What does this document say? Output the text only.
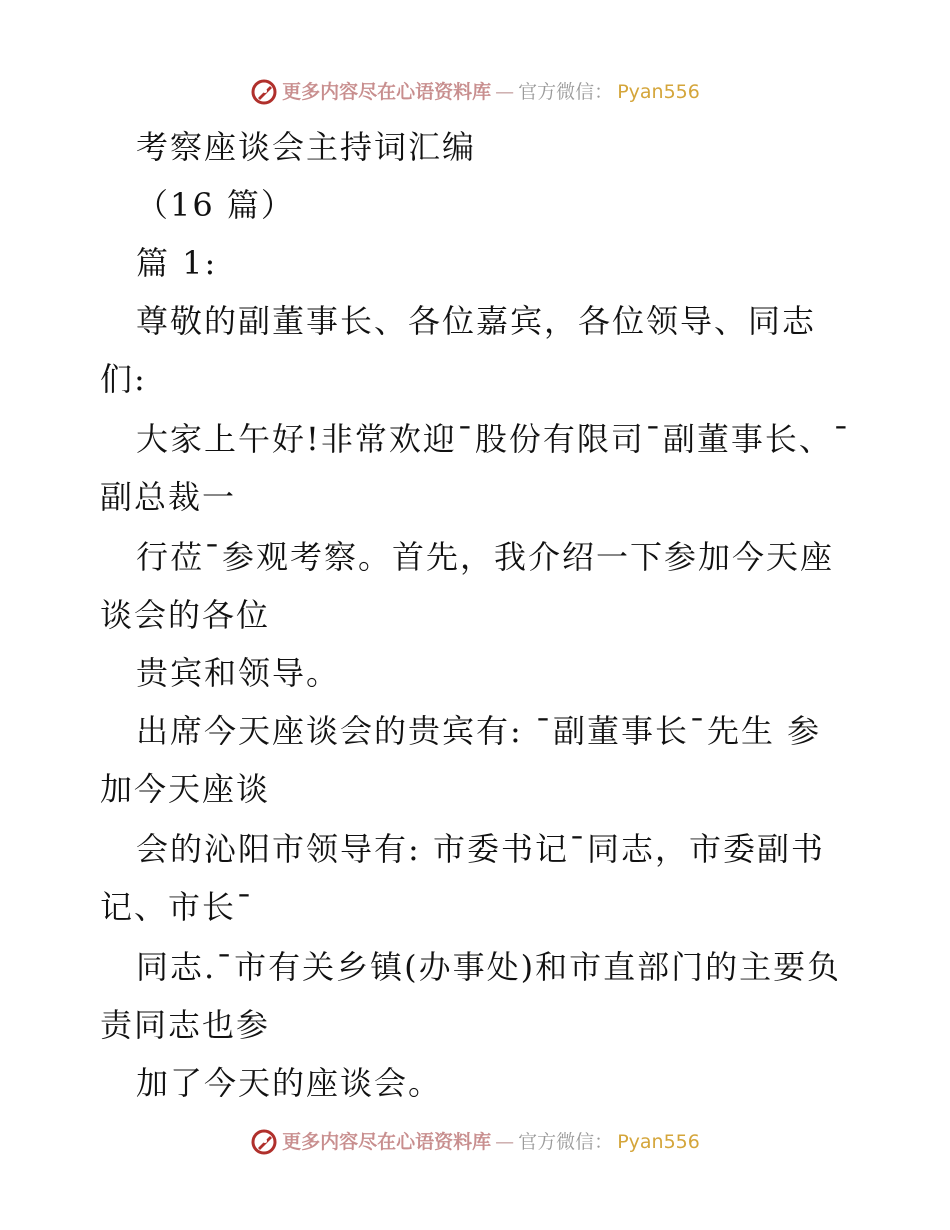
更多内容尽在心语资料库 — 官方微信： Pyan556
考察座谈会主持词汇编
（16 篇）
篇 1:
尊敬的副董事长、各位嘉宾，各位领导、同志
们:
大家上午好!非常欢迎¯股份有限司¯副董事长、¯
副总裁一
行莅¯参观考察。首先，我介绍一下参加今天座
谈会的各位
贵宾和领导。
出席今天座谈会的贵宾有: ¯副董事长¯先生 参
加今天座谈
会的沁阳市领导有: 市委书记¯同志，市委副书
记、市长¯
同志.¯市有关乡镇(办事处)和市直部门的主要负
责同志也参
加了今天的座谈会。
更多内容尽在心语资料库 — 官方微信： Pyan556
